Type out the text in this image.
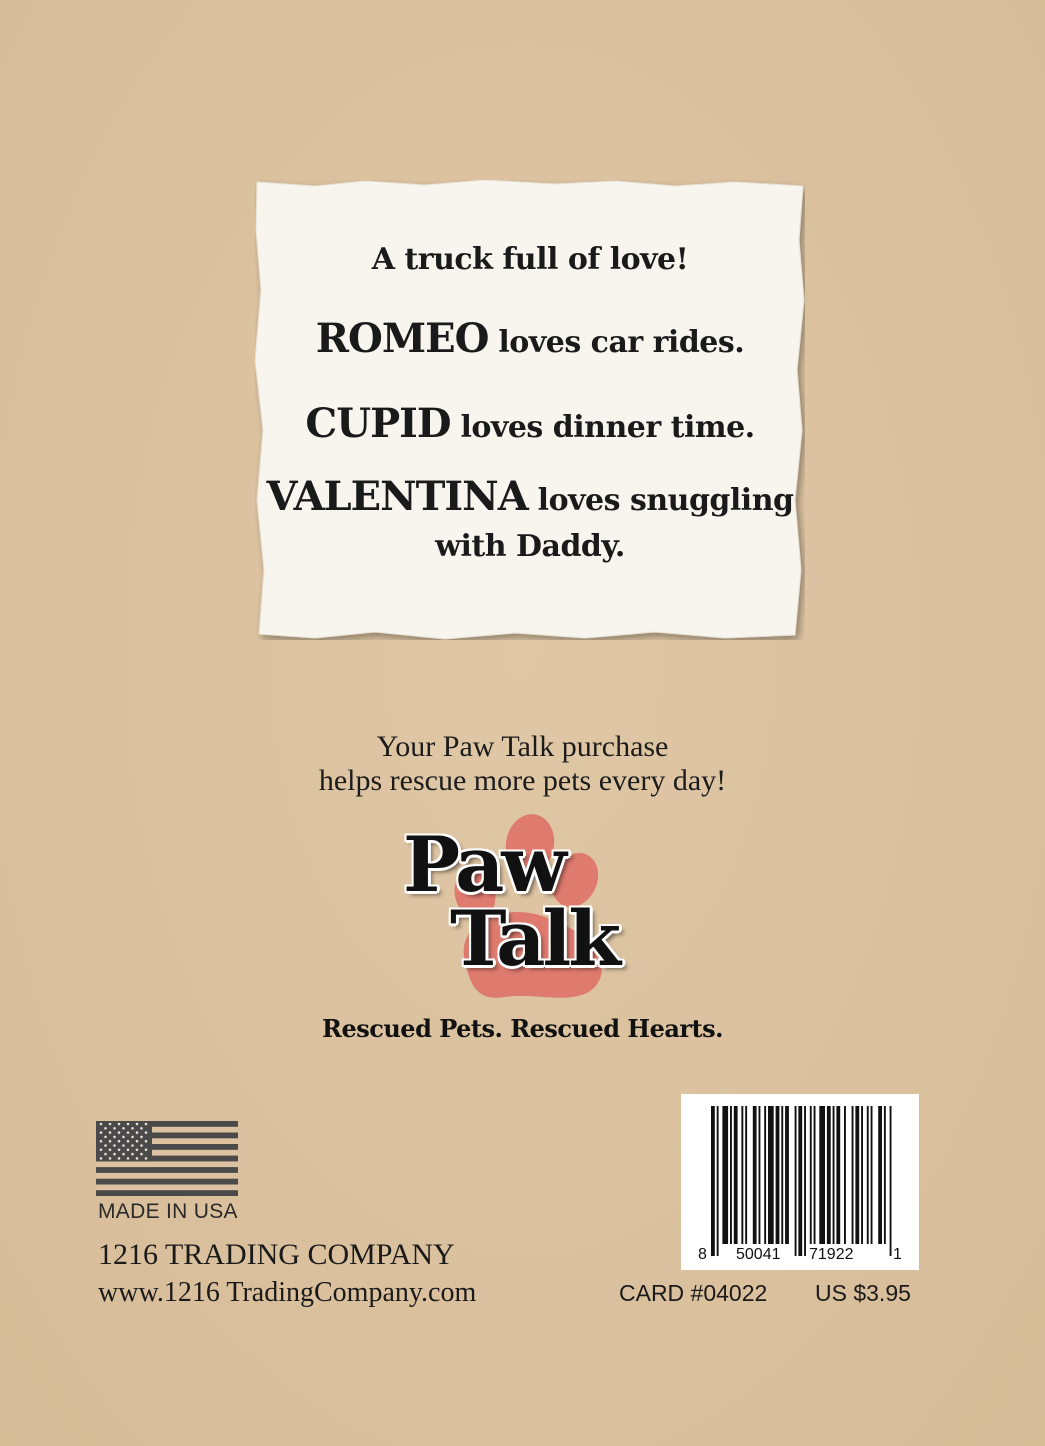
A truck full of love!
ROMEO loves car rides.
CUPID loves dinner time.
VALENTINA loves snuggling
with Daddy.
Your Paw Talk purchase
helps rescue more pets every day!
Paw
Talk
Rescued Pets. Rescued Hearts.
MADE IN USA
1216 TRADING COMPANY
www.1216 TradingCompany.com
8 50041 71922 1
CARD #04022 US $3.95
